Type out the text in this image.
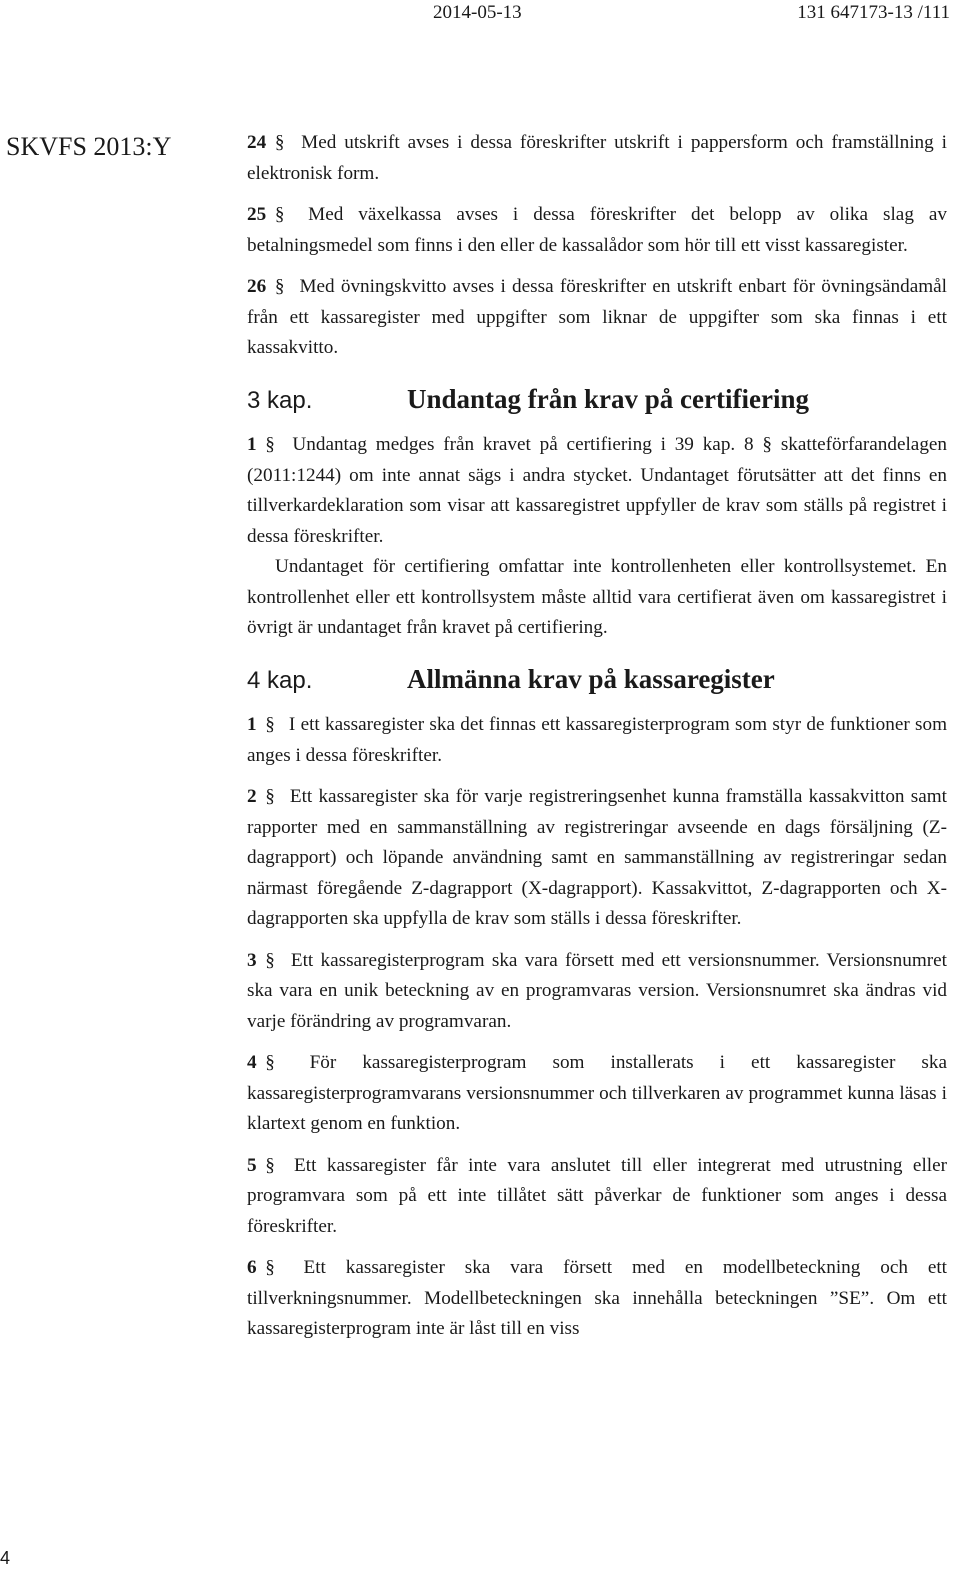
2014-05-13	131 647173-13 /111
SKVFS 2013:Y	24 § Med utskrift avses i dessa föreskrifter utskrift i pappersform och framställning i elektronisk form.

25 § Med växelkassa avses i dessa föreskrifter det belopp av olika slag av betalningsmedel som finns i den eller de kassalådor som hör till ett visst kassaregister.

26 § Med övningskvitto avses i dessa föreskrifter en utskrift enbart för övningsändamål från ett kassaregister med uppgifter som liknar de uppgifter som ska finnas i ett kassakvitto.

3 kap.	Undantag från krav på certifiering

1 § Undantag medges från kravet på certifiering i 39 kap. 8 § skatteförfarandelagen (2011:1244) om inte annat sägs i andra stycket. Undantaget förutsätter att det finns en tillverkardeklaration som visar att kassaregistret uppfyller de krav som ställs på registret i dessa föreskrifter.
Undantaget för certifiering omfattar inte kontrollenheten eller kontrollsystemet. En kontrollenhet eller ett kontrollsystem måste alltid vara certifierat även om kassaregistret i övrigt är undantaget från kravet på certifiering.

4 kap.	Allmänna krav på kassaregister

1 § I ett kassaregister ska det finnas ett kassaregisterprogram som styr de funktioner som anges i dessa föreskrifter.

2 § Ett kassaregister ska för varje registreringsenhet kunna framställa kassakvitton samt rapporter med en sammanställning av registreringar avseende en dags försäljning (Z-dagrapport) och löpande användning samt en sammanställning av registreringar sedan närmast föregående Z-dagrapport (X-dagrapport). Kassakvittot, Z-dagrapporten och X-dagrapporten ska uppfylla de krav som ställs i dessa föreskrifter.

3 § Ett kassaregisterprogram ska vara försett med ett versionsnummer. Versionsnumret ska vara en unik beteckning av en programvaras version. Versionsnumret ska ändras vid varje förändring av programvaran.

4 § För kassaregisterprogram som installerats i ett kassaregister ska kassaregisterprogramvarans versionsnummer och tillverkaren av programmet kunna läsas i klartext genom en funktion.

5 § Ett kassaregister får inte vara anslutet till eller integrerat med utrustning eller programvara som på ett inte tillåtet sätt påverkar de funktioner som anges i dessa föreskrifter.

6 § Ett kassaregister ska vara försett med en modellbeteckning och ett tillverkningsnummer. Modellbeteckningen ska innehålla beteckningen ”SE”. Om ett kassaregisterprogram inte är låst till en viss

4
